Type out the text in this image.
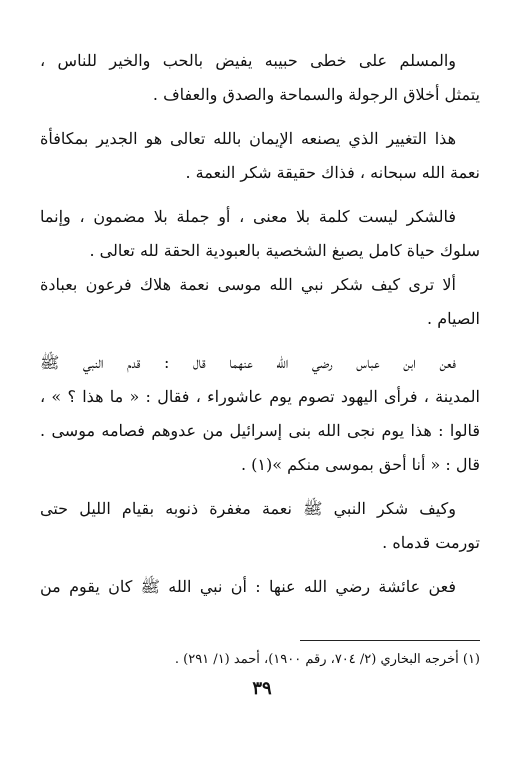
والمسلم على خطى حبيبه يفيض بالحب والخير للناس ،
يتمثل أخلاق الرجولة والسماحة والصدق والعفاف .
هذا التغيير الذي يصنعه الإيمان بالله تعالى هو الجدير بمكافأة
نعمة الله سبحانه ، فذاك حقيقة شكر النعمة .
فالشكر ليست كلمة بلا معنى ، أو جملة بلا مضمون ، وإنما
سلوك حياة كامل يصبغ الشخصية بالعبودية الحقة لله تعالى .
ألا ترى كيف شكر نبي الله موسى نعمة هلاك فرعون بعبادة
الصيام .
فعن ابن عباس رضي الله عنهما قال : قدم النبي ﷺ
المدينة ، فرأى اليهود تصوم يوم عاشوراء ، فقال : « ما هذا ؟ » ،
قالوا : هذا يوم نجى الله بنى إسرائيل من عدوهم فصامه موسى .
قال : « أنا أحق بموسى منكم »(١) .
وكيف شكر النبي ﷺ نعمة مغفرة ذنوبه بقيام الليل حتى
تورمت قدماه .
فعن عائشة رضي الله عنها : أن نبي الله ﷺ كان يقوم من
(١) أخرجه البخاري (٢/ ٧٠٤، رقم ١٩٠٠)، أحمد (١/ ٢٩١) .
٣٩
